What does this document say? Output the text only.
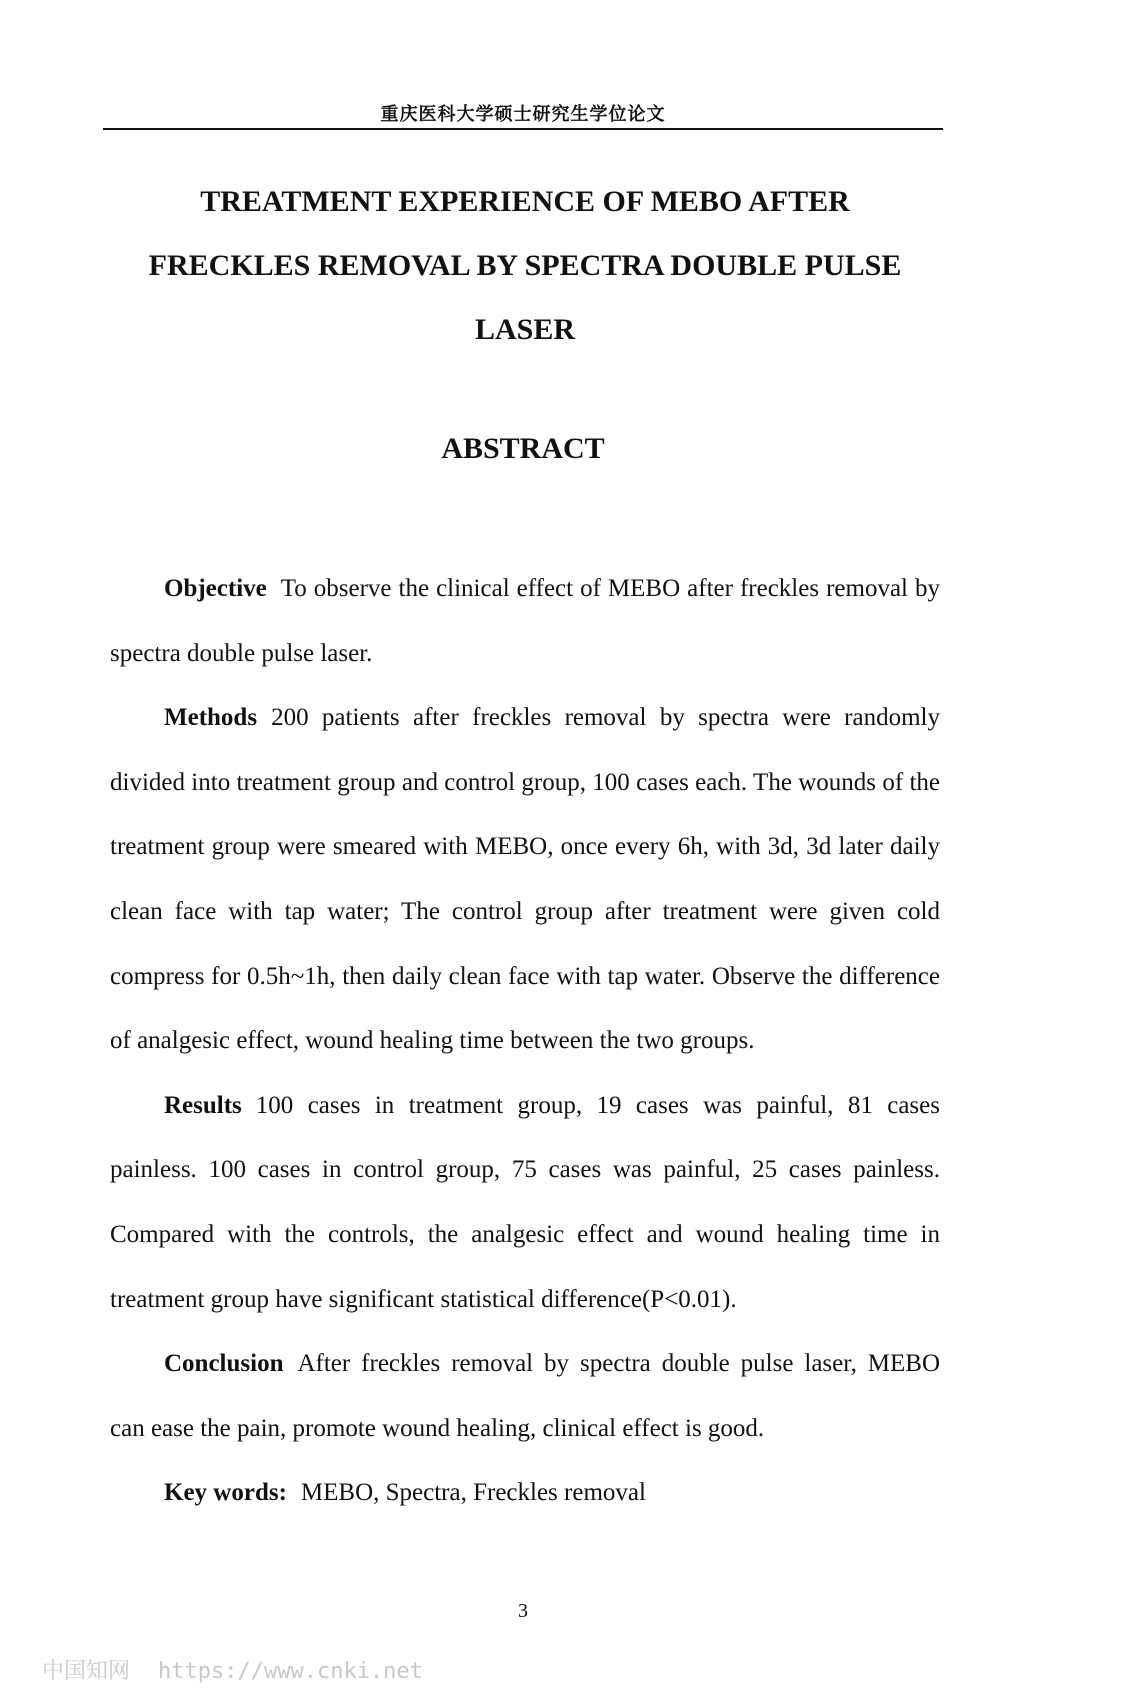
重庆医科大学硕士研究生学位论文
TREATMENT EXPERIENCE OF MEBO AFTER
FRECKLES REMOVAL BY SPECTRA DOUBLE PULSE
LASER
ABSTRACT

Objective To observe the clinical effect of MEBO after freckles removal by spectra double pulse laser.

Methods 200 patients after freckles removal by spectra were randomly divided into treatment group and control group, 100 cases each. The wounds of the treatment group were smeared with MEBO, once every 6h, with 3d, 3d later daily clean face with tap water; The control group after treatment were given cold compress for 0.5h~1h, then daily clean face with tap water. Observe the difference of analgesic effect, wound healing time between the two groups.

Results 100 cases in treatment group, 19 cases was painful, 81 cases painless. 100 cases in control group, 75 cases was painful, 25 cases painless. Compared with the controls, the analgesic effect and wound healing time in treatment group have significant statistical difference(P<0.01).

Conclusion After freckles removal by spectra double pulse laser, MEBO can ease the pain, promote wound healing, clinical effect is good.

Key words: MEBO, Spectra, Freckles removal

3
中国知网 https://www.cnki.net
